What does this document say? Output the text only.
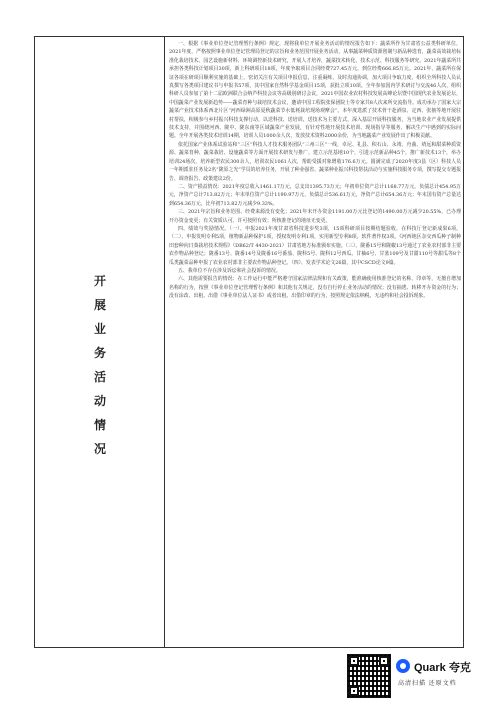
开
展
业
务
活
动
情
况

一、根据《事业单位登记管理暂行条例》规定，现将我单位开展业务活动的情况报告如下：蔬菜所作为甘肃省公益类科研单位，2021年度，严格按照事业单位登记管理局登记的宗旨和业务范围开展业务活动，从事蔬菜种质资源创制与新品种选育，蔬菜高效栽培标准化栽培技术、园艺设施新材料、环境调控新技术研究，开展人才培养，蔬菜技术转化、技术示范、科技服务等研究。2021年蔬菜所共承担各类科技计划项目30项，新上科研项目18项，年度争取项目合同经费727.45万元，到位经费666.85万元。2021年，蔬菜所在保证各项在研项目顺利实施的基础上，密切关注有关项目申报信息，注重凝练，及时沟通协调，加大项目争取力度，组织全所科技人员认真撰写各类项目建议书与申报书57项，其中国家自然科学基金项目15项，获批立项10项。全年参加国内学术研讨与交流46人次，组织科研人员参加了第十二届欧洲联合会纳芦科技会议等高级别研讨会议，2021中国农业农村科技发展高峰论坛暨中国现代农业发展论坛，中国蔬菜产业发展新趋势——蔬菜育种与栽培技术会议，邀请中国工程院张保团院士等专家共8人次来所交流指导。成功承办了国家大宗蔬菜产业技术体系西北片区“河西绿洲高原夏秋蔬菜节水低耗栽培现场观摩会”。本年度选派了技术骨干赴酒泉、定西、张掖等地开展驻村帮扶，积极参与乡村振兴科技支撑行动，以送科技、送培训、送技术为主要方式，深入基层开展科技服务，为当地农业产业发展提供技术支持，并围绕河西、陇中、陇东南等区域蔬菜产业发展，有针对性地开展技术培训、现场指导等服务，解决生产中遇到的实际问题。全年开展各类技术培训14期，培训人员1000余人次，发放技术资料2000余份，为当地蔬菜产业发展作出了积极贡献。

依托国家产业体系试验站和“三区”科技人才技术服务团队“三州三区”一线，卓尼、礼县、积石山、永靖、舟曲、靖远和甜菜种质资源、蔬菜育种、蔬菜栽培、设施蔬菜等方面开展技术研发与推广，建立示范基地10个，引进示范新品种45个，推广新技术13个，举办培训24场次，培养新型农民300余人，培训农民1061人次，帮助受援对象增收176.6万元。圆满完成了2020年度3县（区）科技人员一年期派驻任务及2名“陇原之光”学员的培养任务，开展了种业强省、蔬菜种业振兴科技帮扶活动与实施科技服务专项，撰写提交专题报告、调查报告、政策建议2份。

二、资产损益情况：2021年度总收入1461.17万元，总支出1395.73万元；年初单位资产总计1168.77万元，负债总计454.95万元，净资产总计713.82万元；年末单位资产总计1190.97万元，负债总计536.61万元，净资产总计654.36万元；年末国有资产总量达到654.36万元，比年初713.82万元减少9.33%。

三、2021年宗旨和业务范围、经费来源没有变化；2021年末开办资金1191.00万元比登记的1490.00万元减少20.55%，已办理开办资金变更；有关资质认可、许可按照有效；所核准登记的地址无变更。

四、绩效与奖励情况。（一）、申报2021年度甘肃省科技进步奖3项，15项科研项目按期结题验收，在科技厅登记新成果6项。（二）、申报发明专利5项，植物新品种保护1项，授权发明专利1项，实用新型专利8项，软件著作权3项。《河西地区杂交西瓜种子制种田套种向日葵栽培技术规程》（DB62/T 4430-2021）甘肃省地方标准颁布实施。（三）、陇番15号和陇椒13号通过了农业农村部非主要农作物品种登记；陇番13号、陇番14号及陇番16号番茄、陇科5号、陇科12号西瓜、甘柚6号、甘蓝109号及甘甜110号等甜瓜等8个瓜类蔬菜品种申报了农业农村部非主要农作物品种登记。（四）、发表学术论文26篇，其中CSCD论文9篇。

五、我单位不存在涉及诉讼和社会投诉的情况。

六、其他需要报告的情况：在工作运行中能严格遵守国家法律法规和有关政策，能准确使用核准登记的名称、印章等，无擅自增加名称的行为，按照《事业单位登记管理暂行条例》和其他有关规定，没有自行停止业务活动的情况；没有抽逃、转移开办资金的行为；没有涂改、出租、出借《事业单位法人证书》或者出租、出借印章的行为，按照规定依法纳税，无违约和社会投诉现象。

Quark 夸克
高清扫描 还原文档
